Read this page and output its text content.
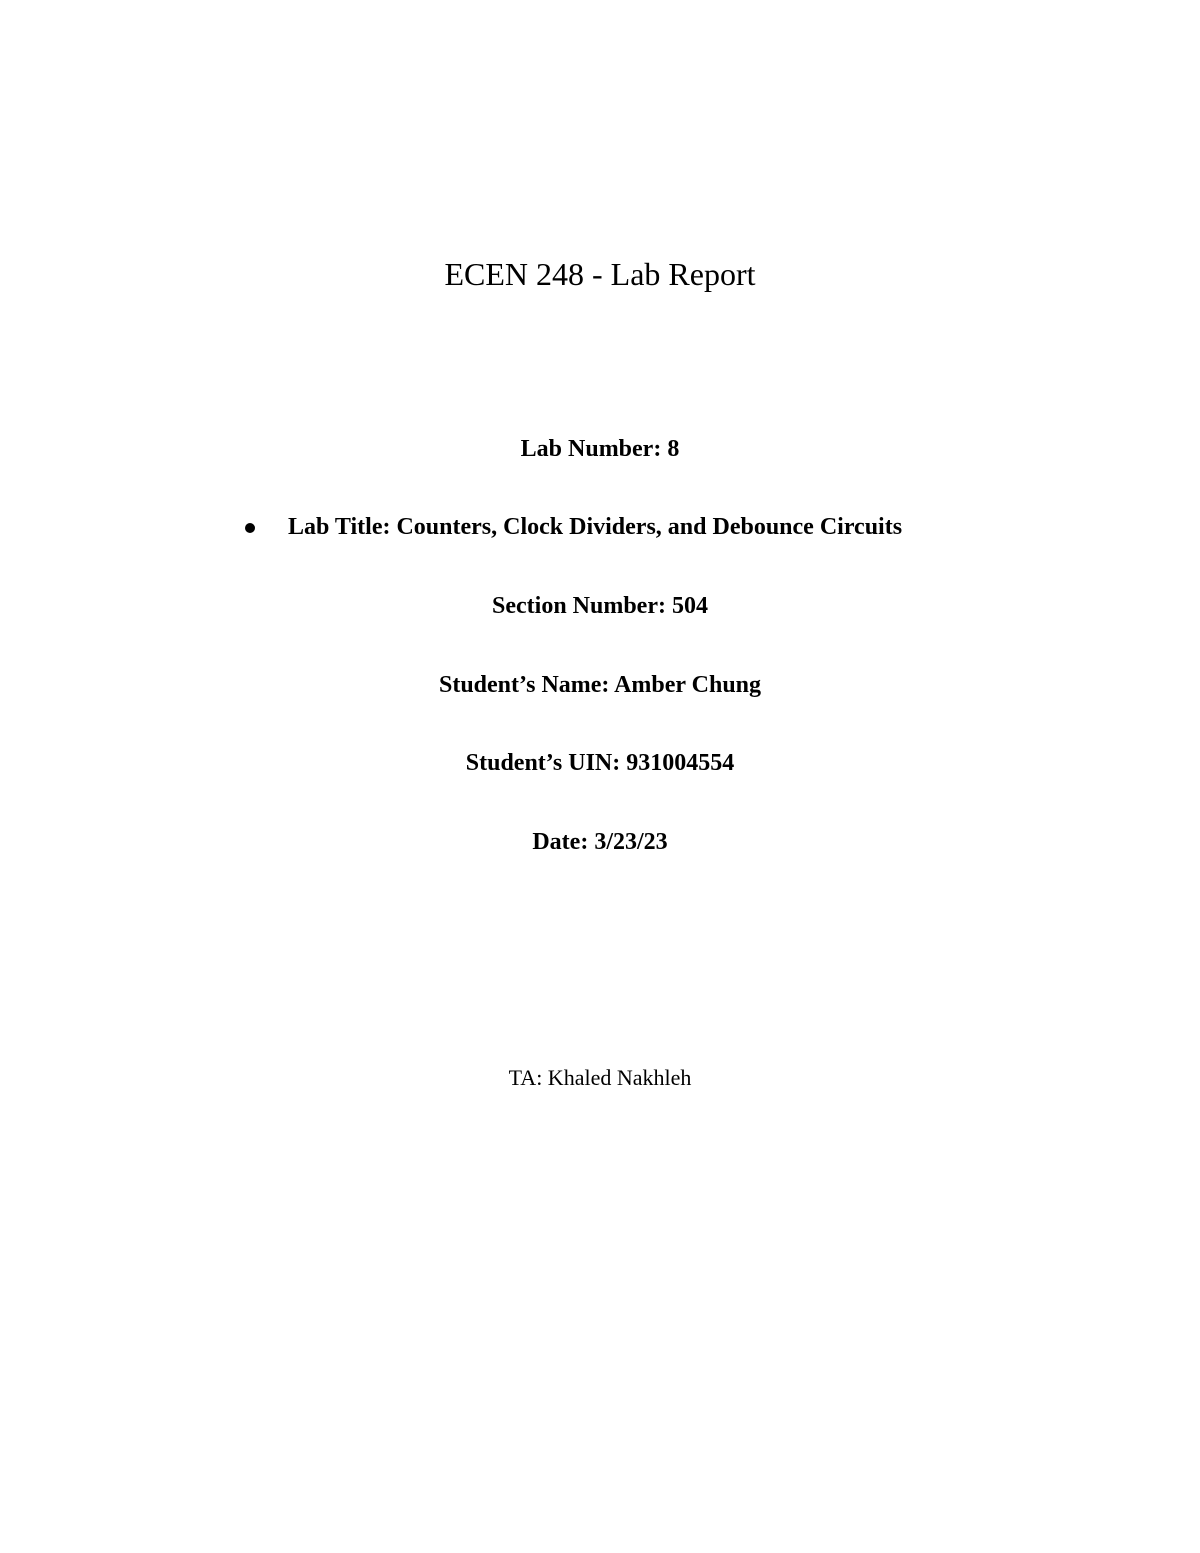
ECEN 248 - Lab Report
Lab Number: 8
Lab Title: Counters, Clock Dividers, and Debounce Circuits
Section Number: 504
Student’s Name: Amber Chung
Student’s UIN: 931004554
Date: 3/23/23
TA: Khaled Nakhleh
